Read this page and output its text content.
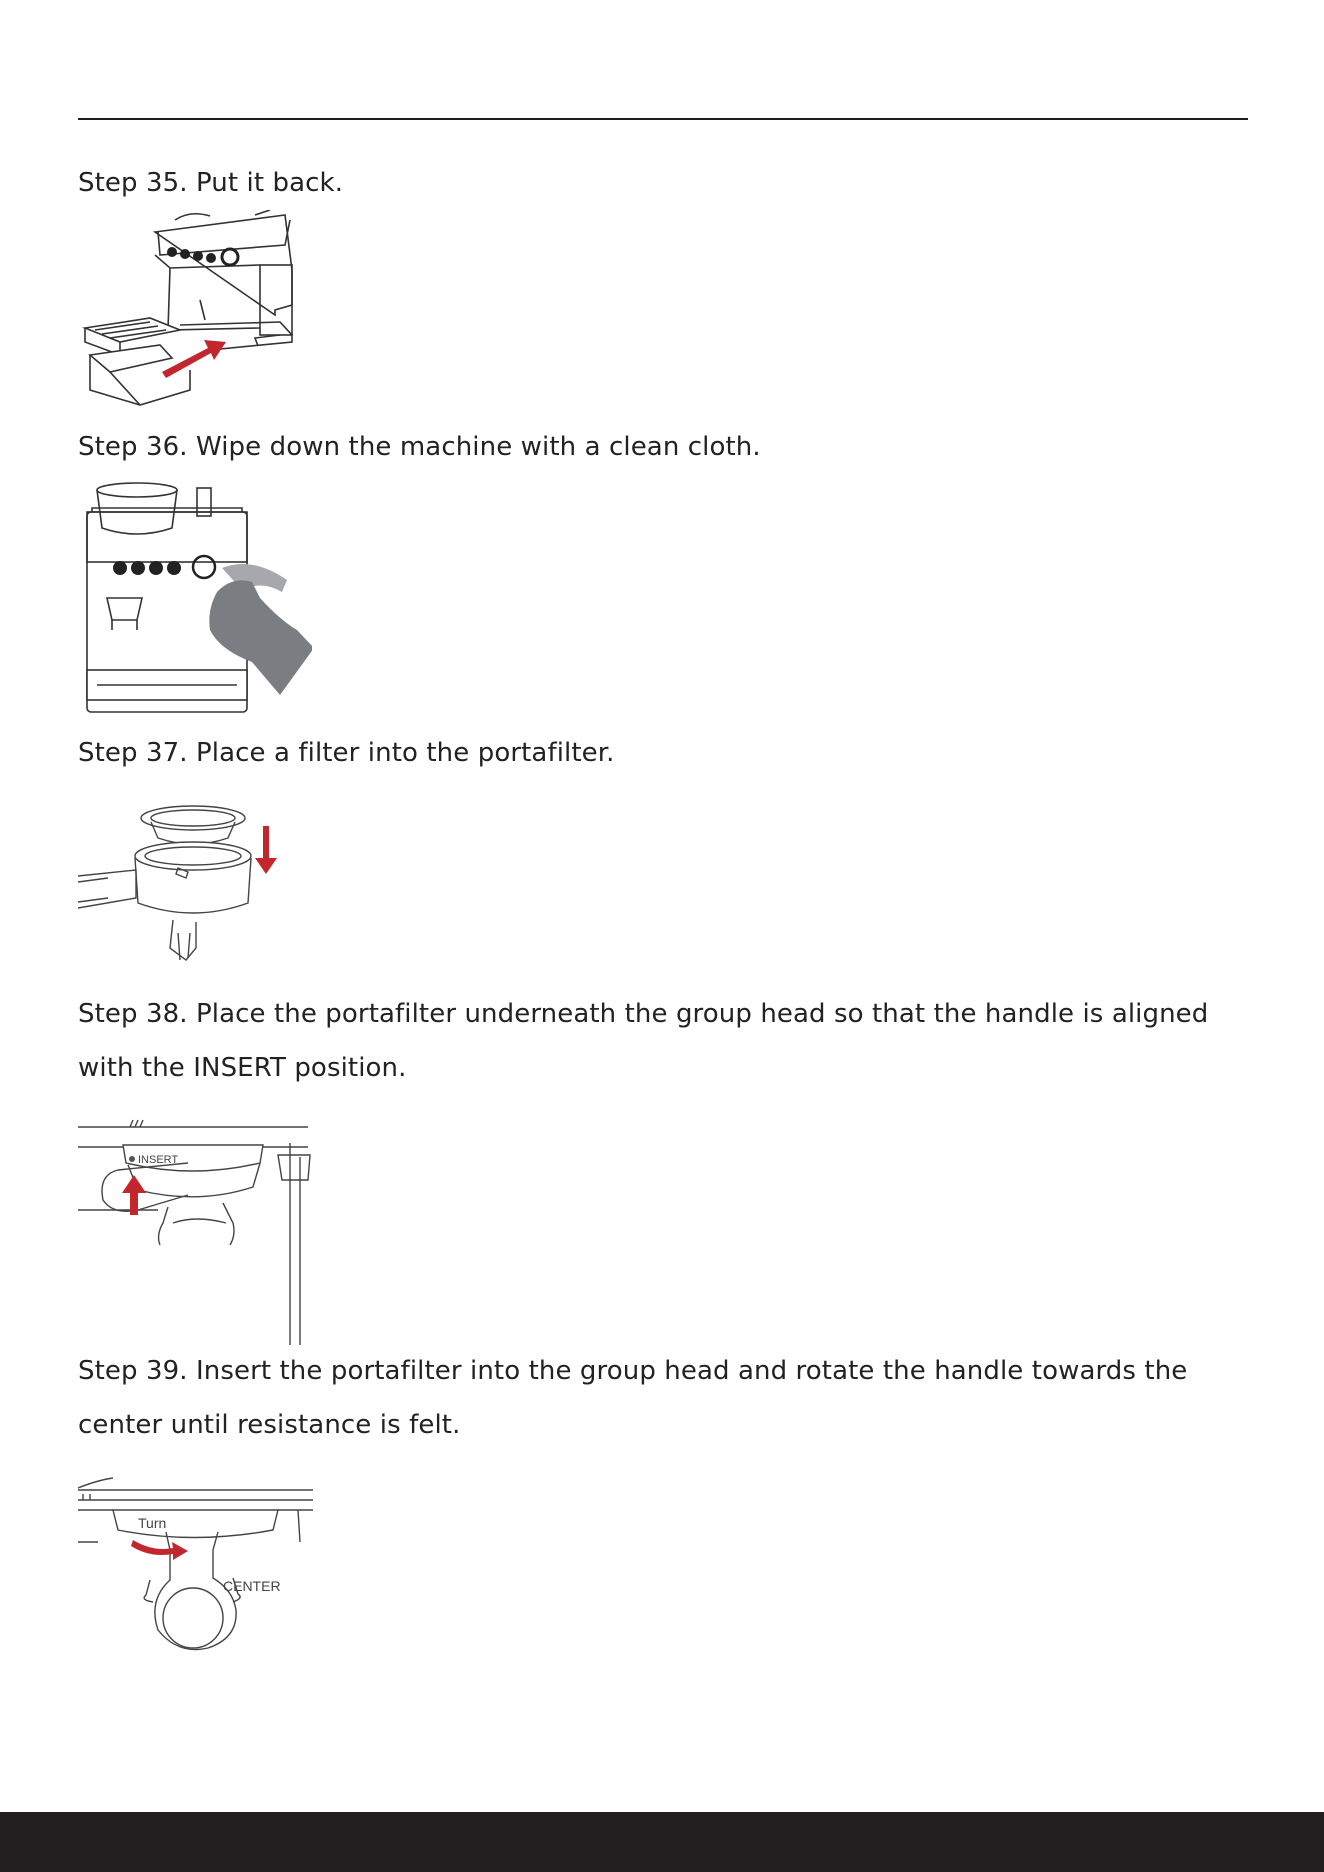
Step 35. Put it back.

Step 36. Wipe down the machine with a clean cloth.

Step 37. Place a filter into the portafilter.

Step 38. Place the portafilter underneath the group head so that the handle is aligned with the INSERT position.

INSERT

Step 39. Insert the portafilter into the group head and rotate the handle towards the center until resistance is felt.

Turn
CENTER
